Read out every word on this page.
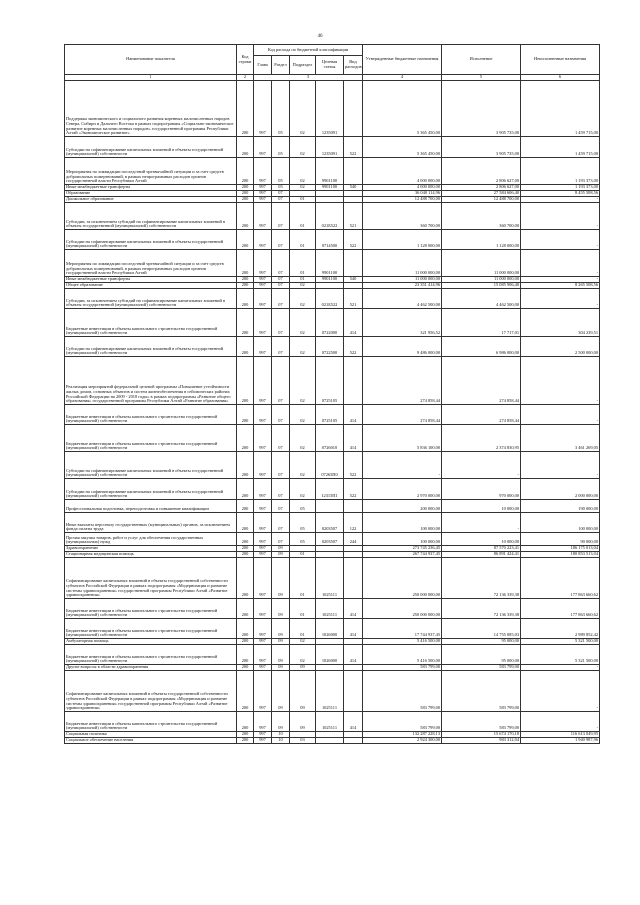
46
Наименование показателя	Код строки	Код расхода по бюджетной классификации					Утвержденные бюджетные назначения	Исполнение	Неисполненные назначения
		Глава	Раздел	Подраздел	Целевая статья	Вид расходов			
1	2	3					4	5	6
Поддержка экономического и социального развития коренных малочисленных народов Севера, Сибири и Дальнего Востока в рамках подпрограммы «Социально-экономическое развитие коренных малочисленных народов» государственной программы Республики Алтай «Экономическое развитие»	200	997	05	02	1235091		5 365 450,00	3 905 735,00	1 459 715,00
Субсидии на софинансирование капитальных вложений в объекты государственной (муниципальной) собственности	200	997	05	02	1235091	522	5 365 450,00	3 905 735,00	1 459 715,00
Мероприятия по ликвидации последствий чрезвычайной ситуации и за счет средств добровольных пожертвований, в рамках непрограммных расходов органов государственной власти Республики Алтай	200	997	05	02	9901100		4 000 000,00	2 806 627,00	1 193 373,00
Иные межбюджетные трансферты	200	997	05	02	9901100	540	4 000 000,00	2 806 627,00	1 193 373,00
Образование	200	997	07				36 040 114,96	27 584 606,40	8 455 508,56
Дошкольное образование	200	997	07	01			12 488 700,00	12 488 700,00	-
Субсидии, за исключением субсидий на софинансирование капитальных вложений в объекты государственной (муниципальной) собственности	200	997	07	01	021Б522	521	360 700,00	360 700,00	-
Субсидии на софинансирование капитальных вложений в объекты государственной (муниципальной) собственности	200	997	07	01	0714500	522	1 128 000,00	1 128 000,00	-
Мероприятия по ликвидации последствий чрезвычайной ситуации и за счет средств добровольных пожертвований, в рамках непрограммных расходов органов государственной власти Республики Алтай	200	997	07	01	9901100		11 000 000,00	11 000 000,00	-
Иные межбюджетные трансферты	200	997	07	01	9901100	540	11 000 000,00	11 000 000,00	-
Общее образование	200	997	07	02			23 351 414,96	15 085 906,40	8 265 508,56
Субсидии, за исключением субсидий на софинансирование капитальных вложений в объекты государственной (муниципальной) собственности	200	997	07	02	021Б522	521	4 462 500,00	4 462 500,00	-
Бюджетные инвестиции в объекты капитального строительства государственной (муниципальной) собственности	200	997	07	02	0722000	414	321 956,52	17 717,01	304 239,51
Субсидии на софинансирование капитальных вложений в объекты государственной (муниципальной) собственности	200	997	07	02	0722500	522	9 486 000,00	6 986 000,00	2 500 000,00
Реализация мероприятий федеральной целевой программы «Повышение устойчивости жилых домов, основных объектов и систем жизнеобеспечения в сейсмических районах Российской Федерации на 2009 - 2018 годы» в рамках подпрограммы «Развитие общего образования» государственной программы Республики Алтай «Развитие образования»	200	997	07	02	0725105		274 858,44	274 858,44	-
Бюджетные инвестиции в объекты капитального строительства государственной (муниципальной) собственности	200	997	07	02	0725105	414	274 858,44	274 858,44	-
Бюджетные инвестиции в объекты капитального строительства государственной (муниципальной) собственности	200	997	07	02	0726010	414	5 836 100,00	2 374 830,95	3 461 269,05
Субсидии на софинансирование капитальных вложений в объекты государственной (муниципальной) собственности	200	997	07	02	07265П0	522	-	-	-
Субсидии на софинансирование капитальных вложений в объекты государственной (муниципальной) собственности	200	997	07	02	12315П1	522	2 970 000,00	970 000,00	2 000 000,00
Профессиональная подготовка, переподготовка и повышение квалификации	200	997	07	05			200 000,00	10 000,00	190 000,00
Иные выплаты персоналу государственных (муниципальных) органов, за исключением фонда оплаты труда	200	997	07	05	0203507	122	100 000,00	-	100 000,00
Прочая закупка товаров, работ и услуг для обеспечения государственных (муниципальных) нужд	200	997	07	05	0203507	244	100 000,00	10 000,00	90 000,00
Здравоохранение	200	997	09				273 745 236,45	87 570 223,41	186 175 013,04
Стационарная медицинская помощь	200	997	09	01			267 744 937,45	86 891 424,41	180 853 513,04
Софинансирование капитальных вложений в объекты государственной собственности субъектов Российской Федерации в рамках подпрограммы «Модернизация и развитие системы здравоохранения» государственной программы Республики Алтай «Развитие здравоохранения»	200	997	09	01	1025111		250 000 000,00	72 136 339,38	177 863 660,62
Бюджетные инвестиции в объекты капитального строительства государственной (муниципальной) собственности	200	997	09	01	1025111	414	250 000 000,00	72 136 339,38	177 863 660,62
Бюджетные инвестиции в объекты капитального строительства государственной (муниципальной) собственности	200	997	09	01	1026000	414	17 744 937,45	14 755 085,03	2 989 852,42
Амбулаторная помощь	200	997	09	02			5 416 500,00	95 000,00	5 321 500,00
Бюджетные инвестиции в объекты капитального строительства государственной (муниципальной) собственности	200	997	09	02	1026000	414	5 416 500,00	95 000,00	5 321 500,00
Другие вопросы в области здравоохранения	200	997	09	09			583 799,00	583 799,00	-
Софинансирование капитальных вложений в объекты государственной собственности субъектов Российской Федерации в рамках подпрограммы «Модернизация и развитие системы здравоохранения» государственной программы Республики Алтай «Развитие здравоохранения»	200	997	09	09	1025111		583 799,00	583 799,00	-
Бюджетные инвестиции в объекты капитального строительства государственной (муниципальной) собственности	200	997	09	09	1025111	414	583 799,00	583 799,00	-
Социальная политика	200	997	10				132 287 228,13	15 674 170,18	116 613 049,95
Социальное обеспечение населения	200	997	10	03			2 924 300,00	983 312,04	1 940 987,96
